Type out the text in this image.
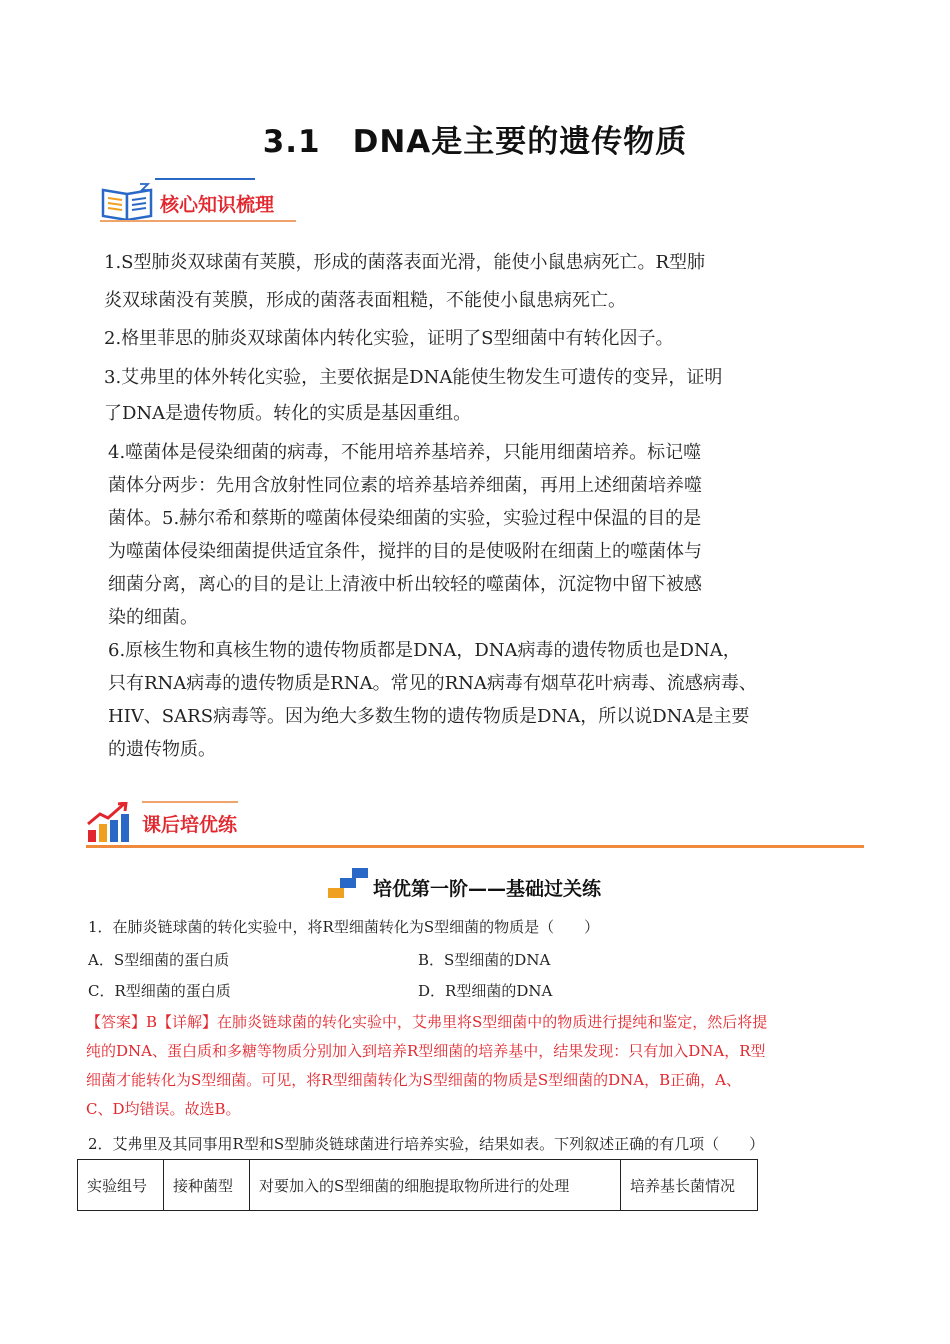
3.1　DNA是主要的遗传物质
核心知识梳理
1.S型肺炎双球菌有荚膜，形成的菌落表面光滑，能使小鼠患病死亡。R型肺
炎双球菌没有荚膜，形成的菌落表面粗糙，不能使小鼠患病死亡。
2.格里菲思的肺炎双球菌体内转化实验，证明了S型细菌中有转化因子。
3.艾弗里的体外转化实验，主要依据是DNA能使生物发生可遗传的变异，证明
了DNA是遗传物质。转化的实质是基因重组。
4.噬菌体是侵染细菌的病毒，不能用培养基培养，只能用细菌培养。标记噬
菌体分两步：先用含放射性同位素的培养基培养细菌，再用上述细菌培养噬
菌体。5.赫尔希和蔡斯的噬菌体侵染细菌的实验，实验过程中保温的目的是
为噬菌体侵染细菌提供适宜条件，搅拌的目的是使吸附在细菌上的噬菌体与
细菌分离，离心的目的是让上清液中析出较轻的噬菌体，沉淀物中留下被感
染的细菌。
6.原核生物和真核生物的遗传物质都是DNA，DNA病毒的遗传物质也是DNA，
只有RNA病毒的遗传物质是RNA。常见的RNA病毒有烟草花叶病毒、流感病毒、
HIV、SARS病毒等。因为绝大多数生物的遗传物质是DNA，所以说DNA是主要
的遗传物质。
课后培优练
培优第一阶——基础过关练
1．在肺炎链球菌的转化实验中，将R型细菌转化为S型细菌的物质是（　　）
A．S型细菌的蛋白质	B．S型细菌的DNA
C．R型细菌的蛋白质	D．R型细菌的DNA
【答案】B【详解】在肺炎链球菌的转化实验中，艾弗里将S型细菌中的物质进行提纯和鉴定，然后将提
纯的DNA、蛋白质和多糖等物质分别加入到培养R型细菌的培养基中，结果发现：只有加入DNA，R型
细菌才能转化为S型细菌。可见，将R型细菌转化为S型细菌的物质是S型细菌的DNA，B正确，A、
C、D均错误。故选B。
2．艾弗里及其同事用R型和S型肺炎链球菌进行培养实验，结果如表。下列叙述正确的有几项（　　）
实验组号	接种菌型	对要加入的S型细菌的细胞提取物所进行的处理	培养基长菌情况
